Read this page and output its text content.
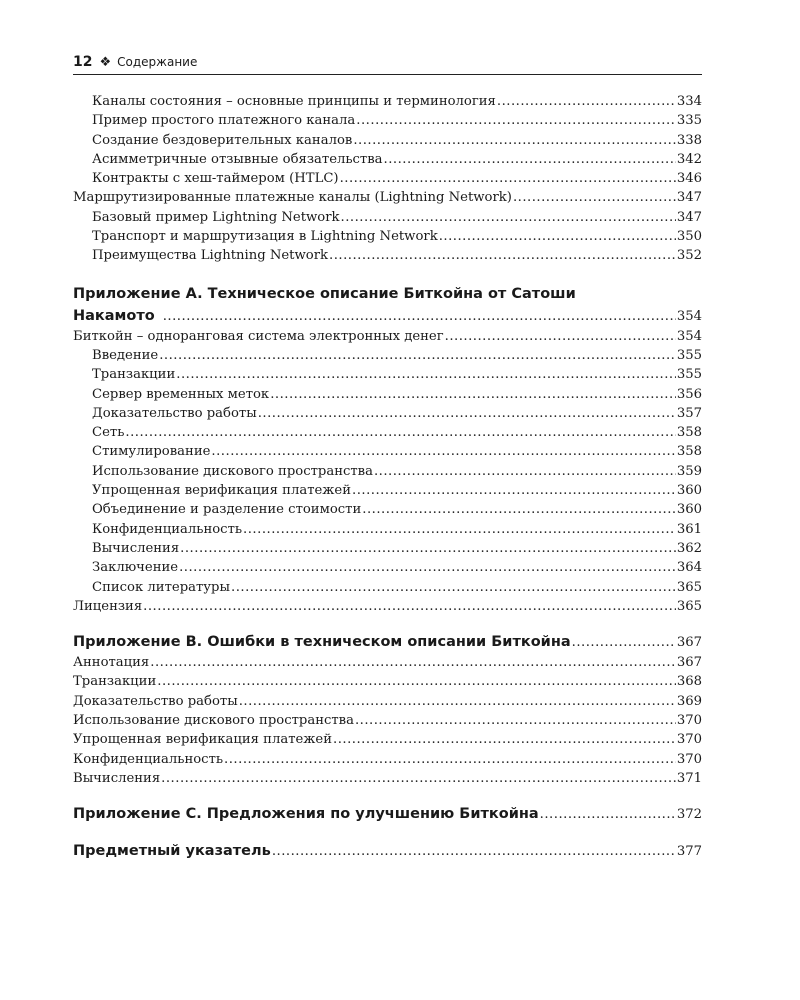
12 ❖ Содержание
Каналы состояния – основные принципы и терминология .....	334
Пример простого платежного канала .....	335
Создание бездоверительных каналов .....	338
Асимметричные отзывные обязательства .....	342
Контракты с хеш-таймером (HTLC) .....	346
Маршрутизированные платежные каналы (Lightning Network) .....	347
Базовый пример Lightning Network .....	347
Транспорт и маршрутизация в Lightning Network .....	350
Преимущества Lightning Network .....	352
Приложение A. Техническое описание Биткойна от Сатоши
Накамото .....	354
Биткойн – одноранговая система электронных денег .....	354
Введение .....	355
Транзакции .....	355
Сервер временных меток .....	356
Доказательство работы .....	357
Сеть .....	358
Стимулирование .....	358
Использование дискового пространства .....	359
Упрощенная верификация платежей .....	360
Объединение и разделение стоимости .....	360
Конфиденциальность .....	361
Вычисления .....	362
Заключение .....	364
Список литературы .....	365
Лицензия .....	365
Приложение B. Ошибки в техническом описании Биткойна .....	367
Аннотация .....	367
Транзакции .....	368
Доказательство работы .....	369
Использование дискового пространства .....	370
Упрощенная верификация платежей .....	370
Конфиденциальность .....	370
Вычисления .....	371
Приложение C. Предложения по улучшению Биткойна .....	372
Предметный указатель .....	377
